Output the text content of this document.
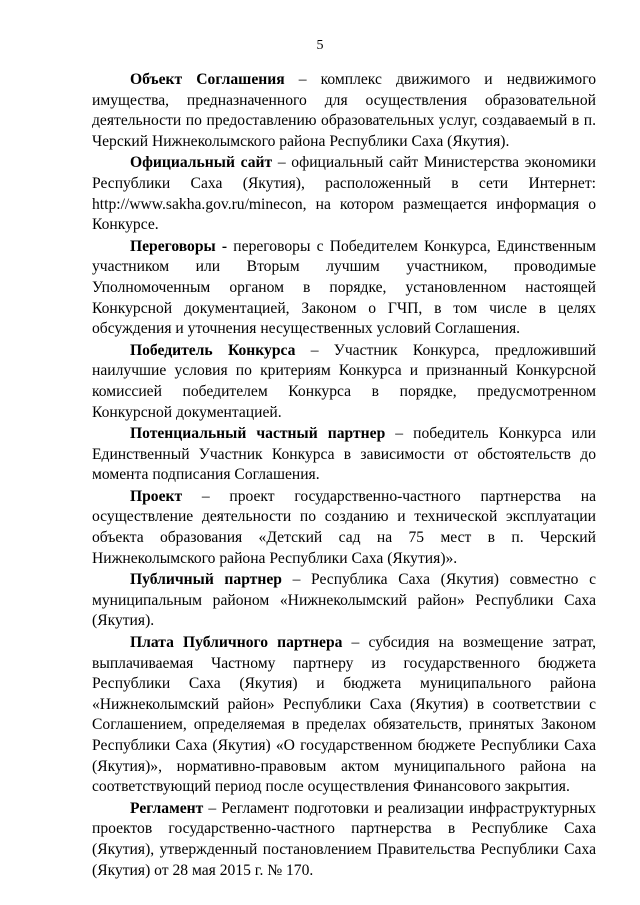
5

Объект Соглашения – комплекс движимого и недвижимого имущества, предназначенного для осуществления образовательной деятельности по предоставлению образовательных услуг, создаваемый в п. Черский Нижнеколымского района Республики Саха (Якутия).

Официальный сайт – официальный сайт Министерства экономики Республики Саха (Якутия), расположенный в сети Интернет: http://www.sakha.gov.ru/minecon, на котором размещается информация о Конкурсе.

Переговоры - переговоры с Победителем Конкурса, Единственным участником или Вторым лучшим участником, проводимые Уполномоченным органом в порядке, установленном настоящей Конкурсной документацией, Законом о ГЧП, в том числе в целях обсуждения и уточнения несущественных условий Соглашения.

Победитель Конкурса – Участник Конкурса, предложивший наилучшие условия по критериям Конкурса и признанный Конкурсной комиссией победителем Конкурса в порядке, предусмотренном Конкурсной документацией.

Потенциальный частный партнер – победитель Конкурса или Единственный Участник Конкурса в зависимости от обстоятельств до момента подписания Соглашения.

Проект – проект государственно-частного партнерства на осуществление деятельности по созданию и технической эксплуатации объекта образования «Детский сад на 75 мест в п. Черский Нижнеколымского района Республики Саха (Якутия)».

Публичный партнер – Республика Саха (Якутия) совместно с муниципальным районом «Нижнеколымский район» Республики Саха (Якутия).

Плата Публичного партнера – субсидия на возмещение затрат, выплачиваемая Частному партнеру из государственного бюджета Республики Саха (Якутия) и бюджета муниципального района «Нижнеколымский район» Республики Саха (Якутия) в соответствии с Соглашением, определяемая в пределах обязательств, принятых Законом Республики Саха (Якутия) «О государственном бюджете Республики Саха (Якутия)», нормативно-правовым актом муниципального района на соответствующий период после осуществления Финансового закрытия.

Регламент – Регламент подготовки и реализации инфраструктурных проектов государственно-частного партнерства в Республике Саха (Якутия), утвержденный постановлением Правительства Республики Саха (Якутия) от 28 мая 2015 г. № 170.
